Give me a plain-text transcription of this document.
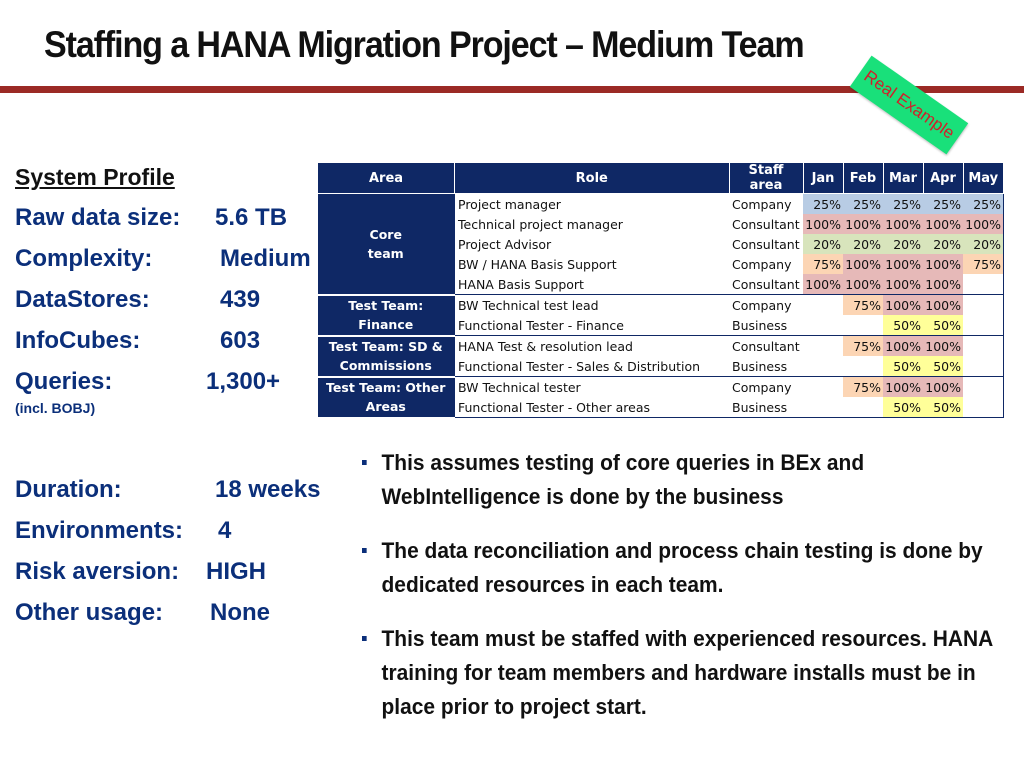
Staffing a HANA Migration Project – Medium Team
Real Example
System Profile
Raw data size: 5.6 TB
Complexity:	Medium
DataStores:	439
InfoCubes:	603
Queries:	1,300+
(incl. BOBJ)
Duration:	18 weeks
Environments: 4
Risk aversion: HIGH
Other usage: None
Area	Role	Staff area	Jan	Feb	Mar	Apr	May
Core team	Project manager	Company	25%	25%	25%	25%	25%
	Technical project manager	Consultant	100%	100%	100%	100%	100%
	Project Advisor	Consultant	20%	20%	20%	20%	20%
	BW / HANA Basis Support	Company	75%	100%	100%	100%	75%
	HANA Basis Support	Consultant	100%	100%	100%	100%	
Test Team: Finance	BW Technical test lead	Company		75%	100%	100%	
	Functional Tester - Finance	Business			50%	50%	
Test Team: SD & Commissions	HANA Test & resolution lead	Consultant		75%	100%	100%	
	Functional Tester - Sales & Distribution	Business			50%	50%	
Test Team: Other Areas	BW Technical tester	Company		75%	100%	100%	
	Functional Tester - Other areas	Business			50%	50%	
This assumes testing of core queries in BEx and WebIntelligence is done by the business
The data reconciliation and process chain testing is done by dedicated resources in each team.
This team must be staffed with experienced resources. HANA training for team members and hardware installs must be in place prior to project start.
